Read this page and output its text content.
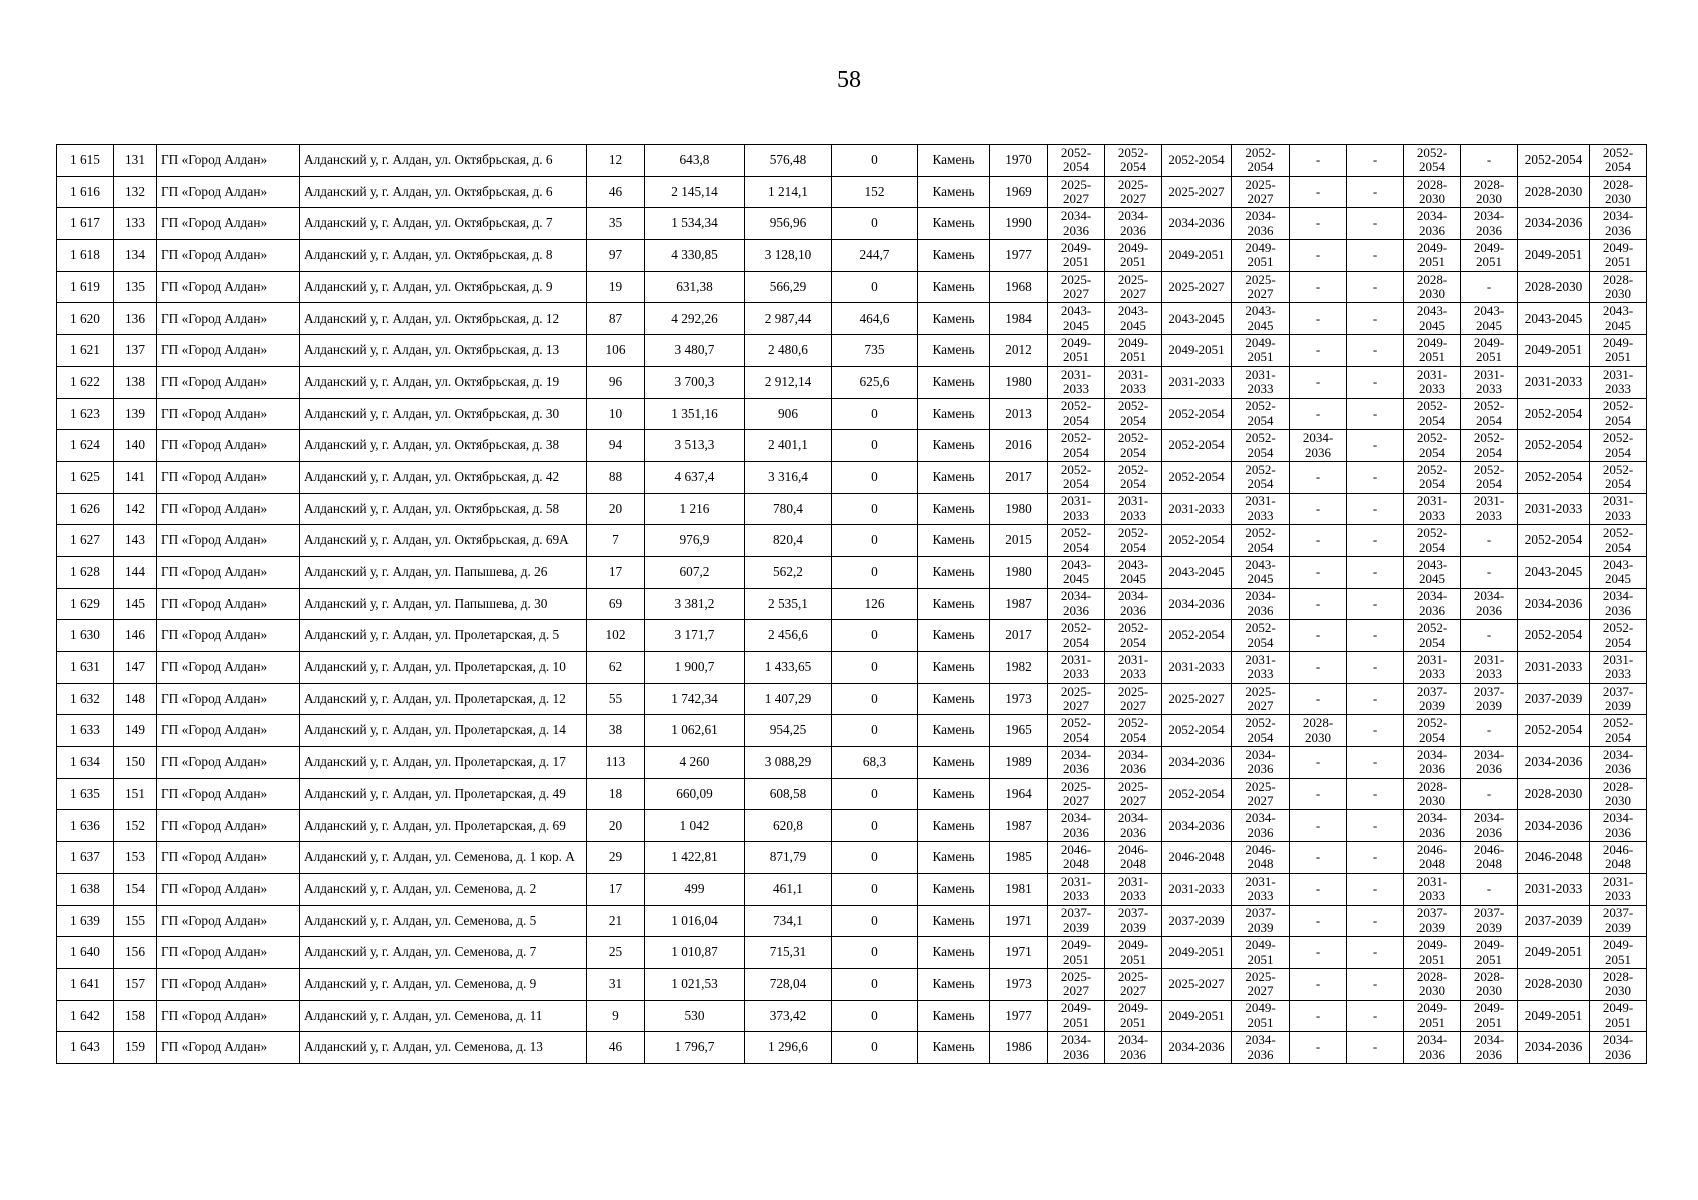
58
1 615	131	ГП «Город Алдан»	Алданский у, г. Алдан, ул. Октябрьская, д. 6	12	643,8	576,48	0	Камень	1970	2052-2054	2052-2054	2052-2054	2052-2054	-	-	2052-2054	-	2052-2054	2052-2054
1 616	132	ГП «Город Алдан»	Алданский у, г. Алдан, ул. Октябрьская, д. 6	46	2 145,14	1 214,1	152	Камень	1969	2025-2027	2025-2027	2025-2027	2025-2027	-	-	2028-2030	2028-2030	2028-2030	2028-2030
1 617	133	ГП «Город Алдан»	Алданский у, г. Алдан, ул. Октябрьская, д. 7	35	1 534,34	956,96	0	Камень	1990	2034-2036	2034-2036	2034-2036	2034-2036	-	-	2034-2036	2034-2036	2034-2036	2034-2036
1 618	134	ГП «Город Алдан»	Алданский у, г. Алдан, ул. Октябрьская, д. 8	97	4 330,85	3 128,10	244,7	Камень	1977	2049-2051	2049-2051	2049-2051	2049-2051	-	-	2049-2051	2049-2051	2049-2051	2049-2051
1 619	135	ГП «Город Алдан»	Алданский у, г. Алдан, ул. Октябрьская, д. 9	19	631,38	566,29	0	Камень	1968	2025-2027	2025-2027	2025-2027	2025-2027	-	-	2028-2030	-	2028-2030	2028-2030
1 620	136	ГП «Город Алдан»	Алданский у, г. Алдан, ул. Октябрьская, д. 12	87	4 292,26	2 987,44	464,6	Камень	1984	2043-2045	2043-2045	2043-2045	2043-2045	-	-	2043-2045	2043-2045	2043-2045	2043-2045
1 621	137	ГП «Город Алдан»	Алданский у, г. Алдан, ул. Октябрьская, д. 13	106	3 480,7	2 480,6	735	Камень	2012	2049-2051	2049-2051	2049-2051	2049-2051	-	-	2049-2051	2049-2051	2049-2051	2049-2051
1 622	138	ГП «Город Алдан»	Алданский у, г. Алдан, ул. Октябрьская, д. 19	96	3 700,3	2 912,14	625,6	Камень	1980	2031-2033	2031-2033	2031-2033	2031-2033	-	-	2031-2033	2031-2033	2031-2033	2031-2033
1 623	139	ГП «Город Алдан»	Алданский у, г. Алдан, ул. Октябрьская, д. 30	10	1 351,16	906	0	Камень	2013	2052-2054	2052-2054	2052-2054	2052-2054	-	-	2052-2054	2052-2054	2052-2054	2052-2054
1 624	140	ГП «Город Алдан»	Алданский у, г. Алдан, ул. Октябрьская, д. 38	94	3 513,3	2 401,1	0	Камень	2016	2052-2054	2052-2054	2052-2054	2052-2054	2034-2036	-	2052-2054	2052-2054	2052-2054	2052-2054
1 625	141	ГП «Город Алдан»	Алданский у, г. Алдан, ул. Октябрьская, д. 42	88	4 637,4	3 316,4	0	Камень	2017	2052-2054	2052-2054	2052-2054	2052-2054	-	-	2052-2054	2052-2054	2052-2054	2052-2054
1 626	142	ГП «Город Алдан»	Алданский у, г. Алдан, ул. Октябрьская, д. 58	20	1 216	780,4	0	Камень	1980	2031-2033	2031-2033	2031-2033	2031-2033	-	-	2031-2033	2031-2033	2031-2033	2031-2033
1 627	143	ГП «Город Алдан»	Алданский у, г. Алдан, ул. Октябрьская, д. 69А	7	976,9	820,4	0	Камень	2015	2052-2054	2052-2054	2052-2054	2052-2054	-	-	2052-2054	-	2052-2054	2052-2054
1 628	144	ГП «Город Алдан»	Алданский у, г. Алдан, ул. Папышева, д. 26	17	607,2	562,2	0	Камень	1980	2043-2045	2043-2045	2043-2045	2043-2045	-	-	2043-2045	-	2043-2045	2043-2045
1 629	145	ГП «Город Алдан»	Алданский у, г. Алдан, ул. Папышева, д. 30	69	3 381,2	2 535,1	126	Камень	1987	2034-2036	2034-2036	2034-2036	2034-2036	-	-	2034-2036	2034-2036	2034-2036	2034-2036
1 630	146	ГП «Город Алдан»	Алданский у, г. Алдан, ул. Пролетарская, д. 5	102	3 171,7	2 456,6	0	Камень	2017	2052-2054	2052-2054	2052-2054	2052-2054	-	-	2052-2054	-	2052-2054	2052-2054
1 631	147	ГП «Город Алдан»	Алданский у, г. Алдан, ул. Пролетарская, д. 10	62	1 900,7	1 433,65	0	Камень	1982	2031-2033	2031-2033	2031-2033	2031-2033	-	-	2031-2033	2031-2033	2031-2033	2031-2033
1 632	148	ГП «Город Алдан»	Алданский у, г. Алдан, ул. Пролетарская, д. 12	55	1 742,34	1 407,29	0	Камень	1973	2025-2027	2025-2027	2025-2027	2025-2027	-	-	2037-2039	2037-2039	2037-2039	2037-2039
1 633	149	ГП «Город Алдан»	Алданский у, г. Алдан, ул. Пролетарская, д. 14	38	1 062,61	954,25	0	Камень	1965	2052-2054	2052-2054	2052-2054	2052-2054	2028-2030	-	2052-2054	-	2052-2054	2052-2054
1 634	150	ГП «Город Алдан»	Алданский у, г. Алдан, ул. Пролетарская, д. 17	113	4 260	3 088,29	68,3	Камень	1989	2034-2036	2034-2036	2034-2036	2034-2036	-	-	2034-2036	2034-2036	2034-2036	2034-2036
1 635	151	ГП «Город Алдан»	Алданский у, г. Алдан, ул. Пролетарская, д. 49	18	660,09	608,58	0	Камень	1964	2025-2027	2025-2027	2052-2054	2025-2027	-	-	2028-2030	-	2028-2030	2028-2030
1 636	152	ГП «Город Алдан»	Алданский у, г. Алдан, ул. Пролетарская, д. 69	20	1 042	620,8	0	Камень	1987	2034-2036	2034-2036	2034-2036	2034-2036	-	-	2034-2036	2034-2036	2034-2036	2034-2036
1 637	153	ГП «Город Алдан»	Алданский у, г. Алдан, ул. Семенова, д. 1 кор. А	29	1 422,81	871,79	0	Камень	1985	2046-2048	2046-2048	2046-2048	2046-2048	-	-	2046-2048	2046-2048	2046-2048	2046-2048
1 638	154	ГП «Город Алдан»	Алданский у, г. Алдан, ул. Семенова, д. 2	17	499	461,1	0	Камень	1981	2031-2033	2031-2033	2031-2033	2031-2033	-	-	2031-2033	-	2031-2033	2031-2033
1 639	155	ГП «Город Алдан»	Алданский у, г. Алдан, ул. Семенова, д. 5	21	1 016,04	734,1	0	Камень	1971	2037-2039	2037-2039	2037-2039	2037-2039	-	-	2037-2039	2037-2039	2037-2039	2037-2039
1 640	156	ГП «Город Алдан»	Алданский у, г. Алдан, ул. Семенова, д. 7	25	1 010,87	715,31	0	Камень	1971	2049-2051	2049-2051	2049-2051	2049-2051	-	-	2049-2051	2049-2051	2049-2051	2049-2051
1 641	157	ГП «Город Алдан»	Алданский у, г. Алдан, ул. Семенова, д. 9	31	1 021,53	728,04	0	Камень	1973	2025-2027	2025-2027	2025-2027	2025-2027	-	-	2028-2030	2028-2030	2028-2030	2028-2030
1 642	158	ГП «Город Алдан»	Алданский у, г. Алдан, ул. Семенова, д. 11	9	530	373,42	0	Камень	1977	2049-2051	2049-2051	2049-2051	2049-2051	-	-	2049-2051	2049-2051	2049-2051	2049-2051
1 643	159	ГП «Город Алдан»	Алданский у, г. Алдан, ул. Семенова, д. 13	46	1 796,7	1 296,6	0	Камень	1986	2034-2036	2034-2036	2034-2036	2034-2036	-	-	2034-2036	2034-2036	2034-2036	2034-2036
